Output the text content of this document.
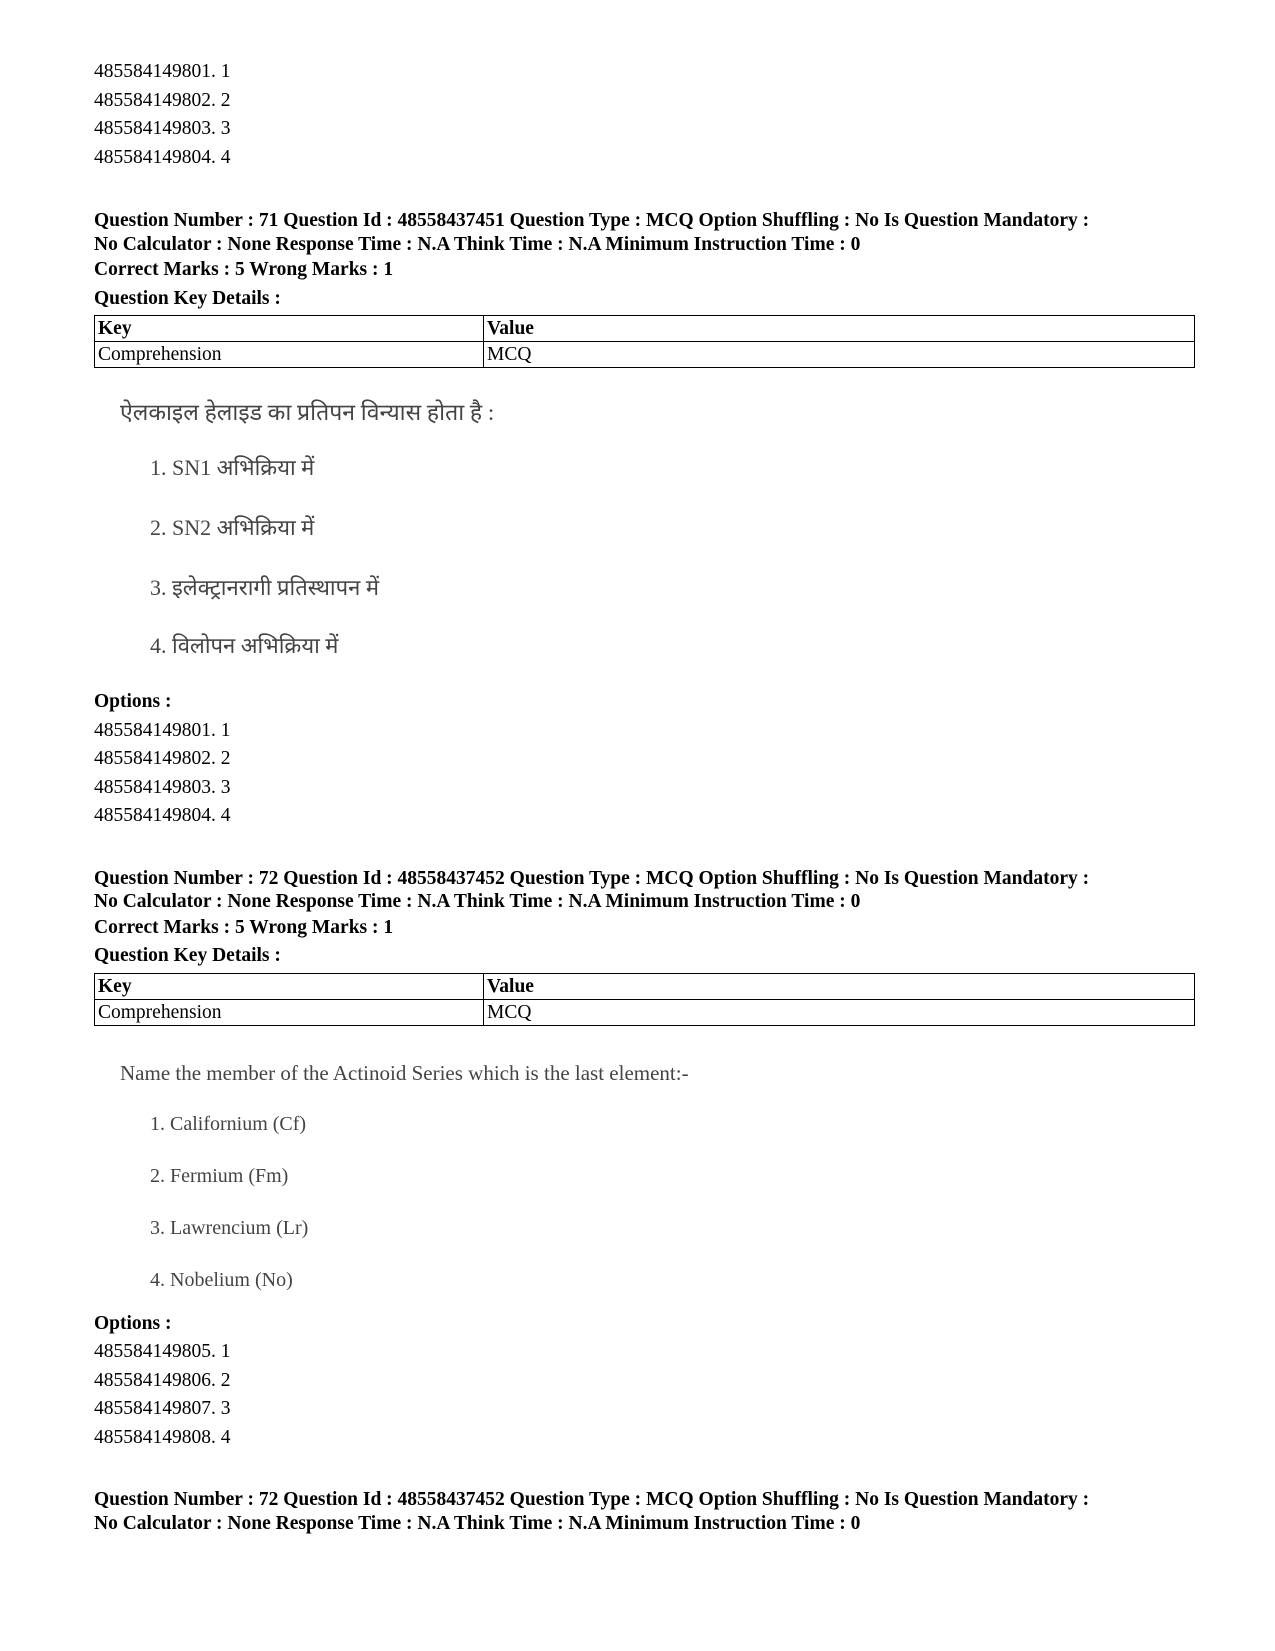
485584149801. 1
485584149802. 2
485584149803. 3
485584149804. 4
Question Number : 71 Question Id : 48558437451 Question Type : MCQ Option Shuffling : No Is Question Mandatory :
No Calculator : None Response Time : N.A Think Time : N.A Minimum Instruction Time : 0
Correct Marks : 5 Wrong Marks : 1
Question Key Details :
Key	Value
Comprehension	MCQ
ऐलकाइल हेलाइड का प्रतिपन विन्यास होता है :
1. SN1 अभिक्रिया में
2. SN2 अभिक्रिया में
3. इलेक्ट्रानरागी प्रतिस्थापन में
4. विलोपन अभिक्रिया में
Options :
485584149801. 1
485584149802. 2
485584149803. 3
485584149804. 4
Question Number : 72 Question Id : 48558437452 Question Type : MCQ Option Shuffling : No Is Question Mandatory :
No Calculator : None Response Time : N.A Think Time : N.A Minimum Instruction Time : 0
Correct Marks : 5 Wrong Marks : 1
Question Key Details :
Key	Value
Comprehension	MCQ
Name the member of the Actinoid Series which is the last element:-
1. Californium (Cf)
2. Fermium (Fm)
3. Lawrencium (Lr)
4. Nobelium (No)
Options :
485584149805. 1
485584149806. 2
485584149807. 3
485584149808. 4
Question Number : 72 Question Id : 48558437452 Question Type : MCQ Option Shuffling : No Is Question Mandatory :
No Calculator : None Response Time : N.A Think Time : N.A Minimum Instruction Time : 0
